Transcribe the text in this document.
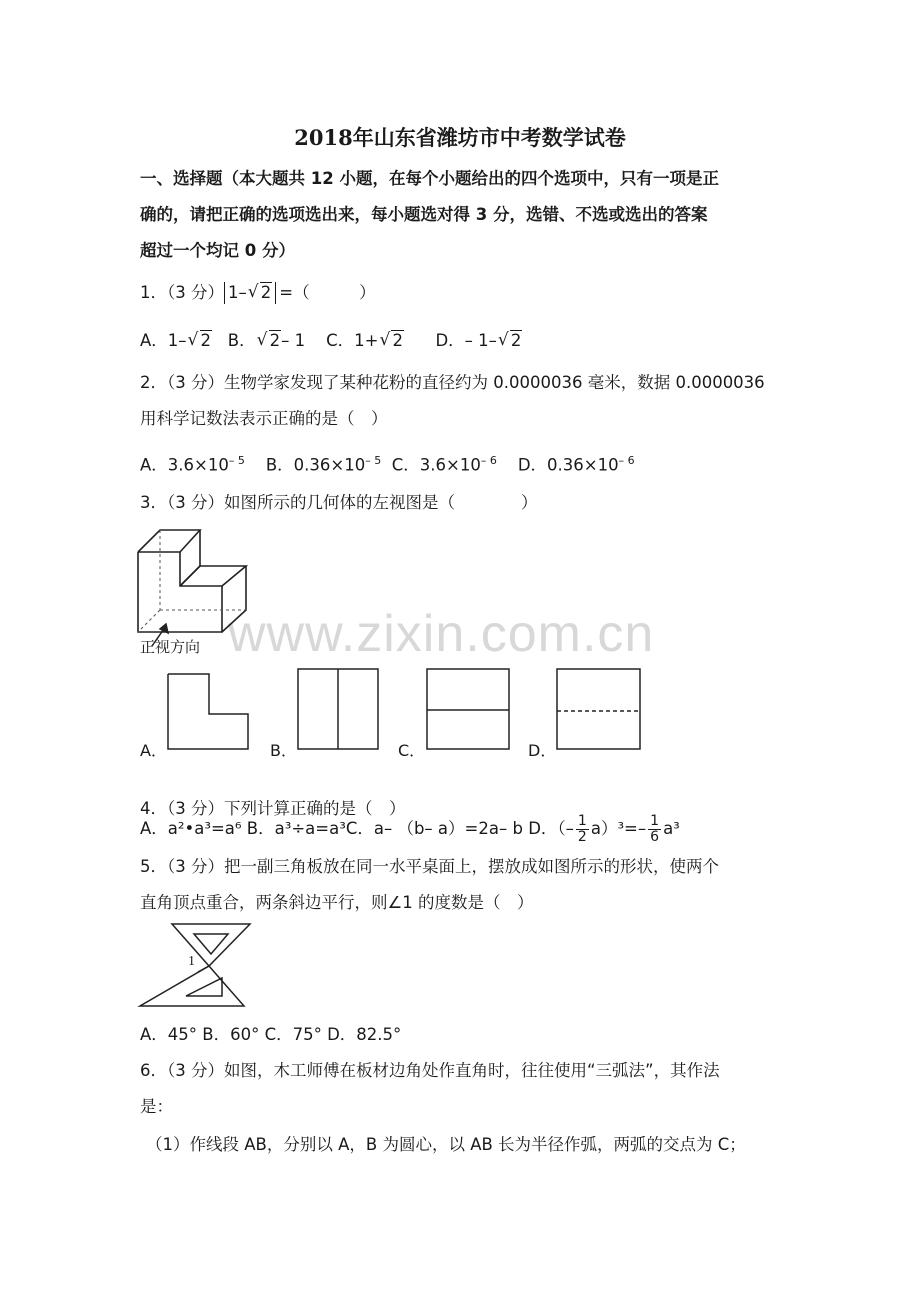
www.zixin.com.cn
2018年山东省潍坊市中考数学试卷
一、选择题（本大题共 12 小题，在每个小题给出的四个选项中，只有一项是正
确的，请把正确的选项选出来，每小题选对得 3 分，选错、不选或选出的答案
超过一个均记 0 分）
1．（3 分） 1– √ 2 =（　　　）
A．1– √ 2 B． √ 2– 1 C．1+ √ 2 D．– 1– √ 2
2．（3 分）生物学家发现了某种花粉的直径约为 0.0000036 毫米，数据 0.0000036
用科学记数法表示正确的是（　）
A．$3.6\times 10^{- 5}$ B．$0.36\times 10^{- 5}$ C．$3.6\times 10^{- 6}$ D．$0.36\times 10^{- 6}$
3．（3 分）如图所示的几何体的左视图是（　　　　）
正视方向
A．	B．	C．	D．
4．（3 分）下列计算正确的是（　）
A．a²•a³=a⁶ B．a³÷a=a³C．a– （b– a）=2a– b D．（– $\frac{1}{2} a)^3=- \frac{1}{6} a^3$
5．（3 分）把一副三角板放在同一水平桌面上，摆放成如图所示的形状，使两个
直角顶点重合，两条斜边平行，则∠1 的度数是（　）
1
A．45° B．60° C．75° D．82.5°
6．（3 分）如图，木工师傅在板材边角处作直角时，往往使用“三弧法”，其作法
是：
（1）作线段 AB，分别以 A，B 为圆心，以 AB 长为半径作弧，两弧的交点为 C；
